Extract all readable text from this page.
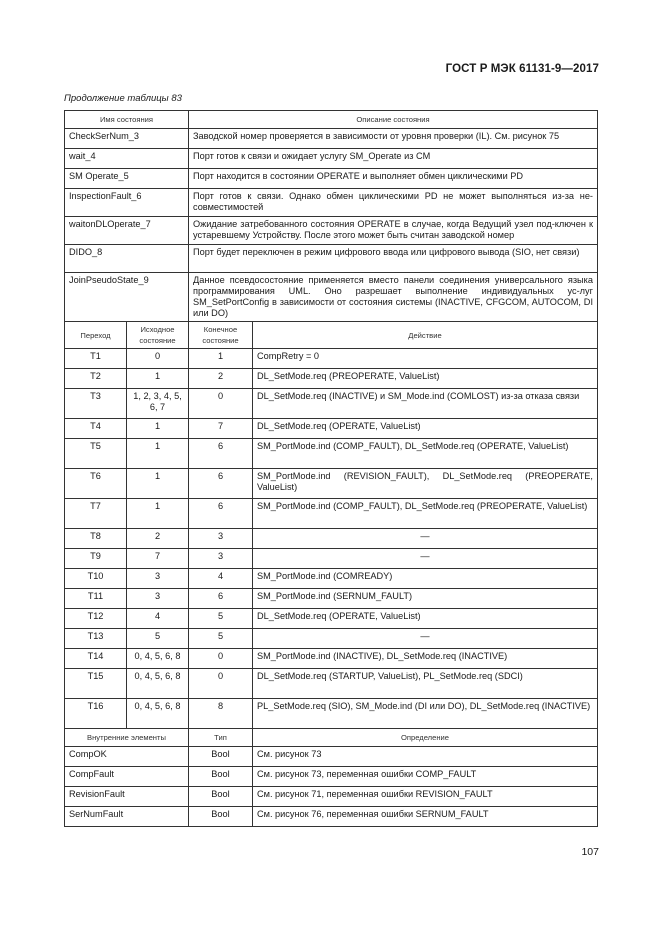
ГОСТ Р МЭК 61131-9—2017
Продолжение таблицы 83
Имя состояния		Описание состояния	
CheckSerNum_3		Заводской номер проверяется в зависимости от уровня проверки (IL). См. рисунок 75	
wait_4		Порт готов к связи и ожидает услугу SM_Operate из CM	
SM Operate_5		Порт находится в состоянии OPERATE и выполняет обмен циклическими PD	
InspectionFault_6		Порт готов к связи. Однако обмен циклическими PD не может выполняться из-за не-совместимостей	
waitonDLOperate_7		Ожидание затребованного состояния OPERATE в случае, когда Ведущий узел под-ключен к устаревшему Устройству. После этого может быть считан заводской номер	
DIDO_8		Порт будет переключен в режим цифрового ввода или цифрового вывода (SIO, нет связи)	
JoinPseudoState_9		Данное псевдосостояние применяется вместо панели соединения универсального языка программирования UML. Оно разрешает выполнение индивидуальных ус-луг SM_SetPortConfig в зависимости от состояния системы (INACTIVE, CFGCOM, AUTOCOM, DI или DO)	
Переход	Исходное состояние	Конечное состояние	Действие
T1	0	1	CompRetry = 0
T2	1	2	DL_SetMode.req (PREOPERATE, ValueList)
T3	1, 2, 3, 4, 5, 6, 7	0	DL_SetMode.req (INACTIVE) и SM_Mode.ind (COMLOST) из-за отказа связи
T4	1	7	DL_SetMode.req (OPERATE, ValueList)
T5	1	6	SM_PortMode.ind (COMP_FAULT), DL_SetMode.req (OPERATE, ValueList)
T6	1	6	SM_PortMode.ind (REVISION_FAULT), DL_SetMode.req (PREOPERATE, ValueList)
T7	1	6	SM_PortMode.ind (COMP_FAULT), DL_SetMode.req (PREOPERATE, ValueList)
T8	2	3	—
T9	7	3	—
T10	3	4	SM_PortMode.ind (COMREADY)
T11	3	6	SM_PortMode.ind (SERNUM_FAULT)
T12	4	5	DL_SetMode.req (OPERATE, ValueList)
T13	5	5	—
T14	0, 4, 5, 6, 8	0	SM_PortMode.ind (INACTIVE), DL_SetMode.req (INACTIVE)
T15	0, 4, 5, 6, 8	0	DL_SetMode.req (STARTUP, ValueList), PL_SetMode.req (SDCI)
T16	0, 4, 5, 6, 8	8	PL_SetMode.req (SIO), SM_Mode.ind (DI или DO), DL_SetMode.req (INACTIVE)
Внутренние элементы		Тип	Определение
CompOK		Bool	См. рисунок 73
CompFault		Bool	См. рисунок 73, переменная ошибки COMP_FAULT
RevisionFault		Bool	См. рисунок 71, переменная ошибки REVISION_FAULT
SerNumFault		Bool	См. рисунок 76, переменная ошибки SERNUM_FAULT
107
